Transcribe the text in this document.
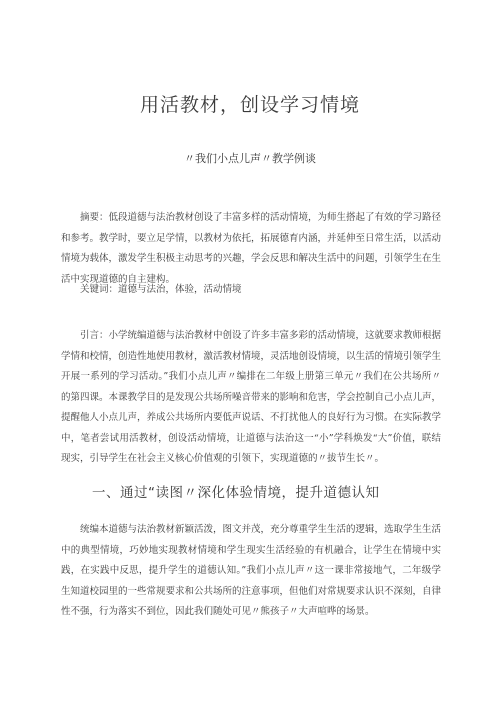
用活教材，创设学习情境
〃我们小点儿声〃教学例谈
摘要：低段道德与法治教材创设了丰富多样的活动情境，为师生搭起了有效的学习路径和参考。教学时，要立足学情，以教材为依托，拓展德育内涵，并延伸至日常生活，以活动情境为载体，激发学生积极主动思考的兴趣，学会反思和解决生活中的问题，引领学生在生活中实现道德的自主建构。
关键词：道德与法治，体验，活动情境
引言：小学统编道德与法治教材中创设了许多丰富多彩的活动情境，这就要求教师根据学情和校情，创造性地使用教材，激活教材情境，灵活地创设情境，以生活的情境引领学生开展一系列的学习活动。”我们小点儿声〃编排在二年级上册第三单元〃我们在公共场所〃的第四课。本课教学目的是发现公共场所噪音带来的影响和危害，学会控制自己小点儿声，提醒他人小点儿声，养成公共场所内要低声说话、不打扰他人的良好行为习惯。在实际教学中，笔者尝试用活教材，创设活动情境，让道德与法治这一“小”学科焕发“大”价值，联结现实，引导学生在社会主义核心价值观的引领下，实现道德的〃拔节生长〃。
一、通过“读图〃深化体验情境，提升道德认知
统编本道德与法治教材新颖活泼，图文并茂，充分尊重学生生活的逻辑，选取学生生活中的典型情境，巧妙地实现教材情境和学生现实生活经验的有机融合，让学生在情境中实践，在实践中反思，提升学生的道德认知。”我们小点儿声〃这一课非常接地气，二年级学生知道校园里的一些常规要求和公共场所的注意事项，但他们对常规要求认识不深刻，自律性不强，行为落实不到位，因此我们随处可见〃熊孩子〃大声喧哗的场景。
